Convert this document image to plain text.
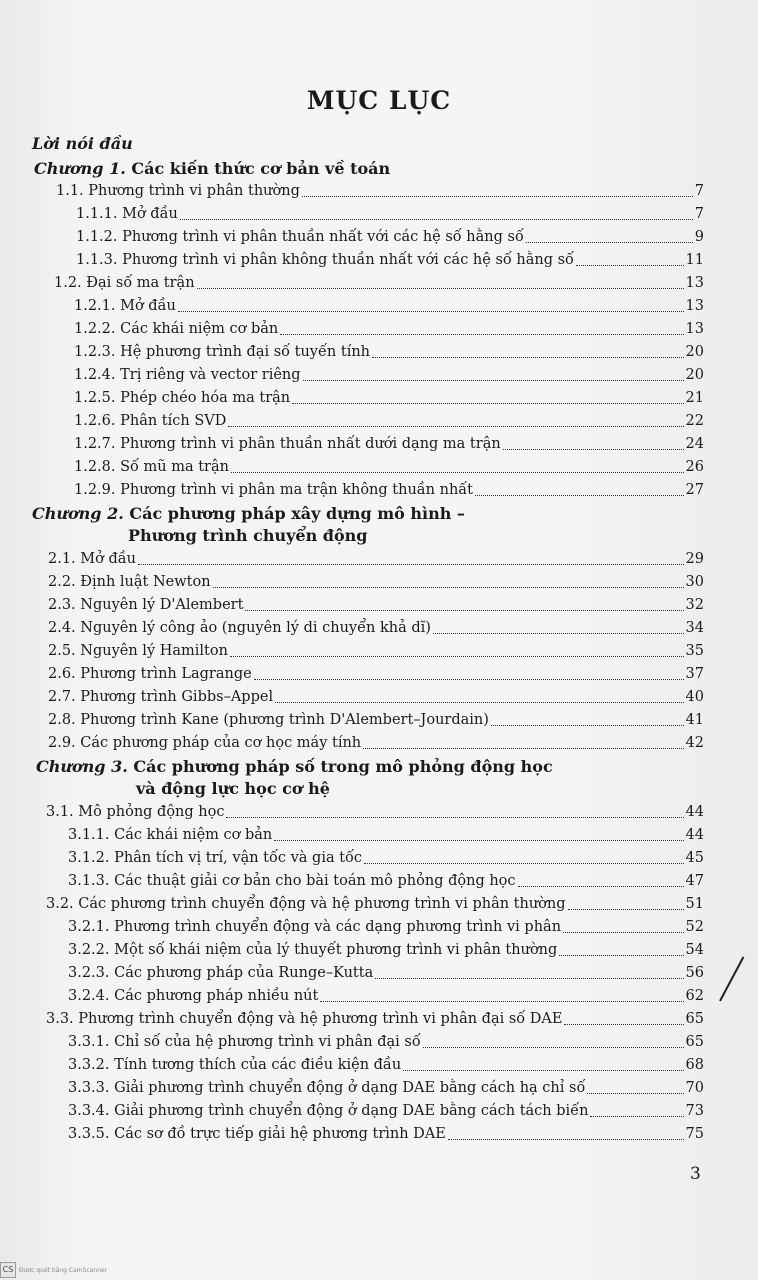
MỤC LỤC
Lời nói đầu
Chương 1.
Các kiến thức cơ bản về toán
1.1. Phương trình vi phân thường	7
1.1.1. Mở đầu	7
1.1.2. Phương trình vi phân thuần nhất với các hệ số hằng số	9
1.1.3. Phương trình vi phân không thuần nhất với các hệ số hằng số	11
1.2. Đại số ma trận	13
1.2.1. Mở đầu	13
1.2.2. Các khái niệm cơ bản	13
1.2.3. Hệ phương trình đại số tuyến tính	20
1.2.4. Trị riêng và vector riêng	20
1.2.5. Phép chéo hóa ma trận	21
1.2.6. Phân tích SVD	22
1.2.7. Phương trình vi phân thuần nhất dưới dạng ma trận	24
1.2.8. Số mũ ma trận	26
1.2.9. Phương trình vi phân ma trận không thuần nhất	27
Chương 2.
Các phương pháp xây dựng mô hình –
Phương trình chuyển động
2.1. Mở đầu	29
2.2. Định luật Newton	30
2.3. Nguyên lý D'Alembert	32
2.4. Nguyên lý công ảo (nguyên lý di chuyển khả dĩ)	34
2.5. Nguyên lý Hamilton	35
2.6. Phương trình Lagrange	37
2.7. Phương trình Gibbs–Appel	40
2.8. Phương trình Kane (phương trình D'Alembert–Jourdain)	41
2.9. Các phương pháp của cơ học máy tính	42
Chương 3.
Các phương pháp số trong mô phỏng động học
và động lực học cơ hệ
3.1. Mô phỏng động học	44
3.1.1. Các khái niệm cơ bản	44
3.1.2. Phân tích vị trí, vận tốc và gia tốc	45
3.1.3. Các thuật giải cơ bản cho bài toán mô phỏng động học	47
3.2. Các phương trình chuyển động và hệ phương trình vi phân thường	51
3.2.1. Phương trình chuyển động và các dạng phương trình vi phân	52
3.2.2. Một số khái niệm của lý thuyết phương trình vi phân thường	54
3.2.3. Các phương pháp của Runge–Kutta	56
3.2.4. Các phương pháp nhiều nút	62
3.3. Phương trình chuyển động và hệ phương trình vi phân đại số DAE	65
3.3.1. Chỉ số của hệ phương trình vi phân đại số	65
3.3.2. Tính tương thích của các điều kiện đầu	68
3.3.3. Giải phương trình chuyển động ở dạng DAE bằng cách hạ chỉ số	70
3.3.4. Giải phương trình chuyển động ở dạng DAE bằng cách tách biến	73
3.3.5. Các sơ đồ trực tiếp giải hệ phương trình DAE	75
3
CS Được quét bằng CamScanner
